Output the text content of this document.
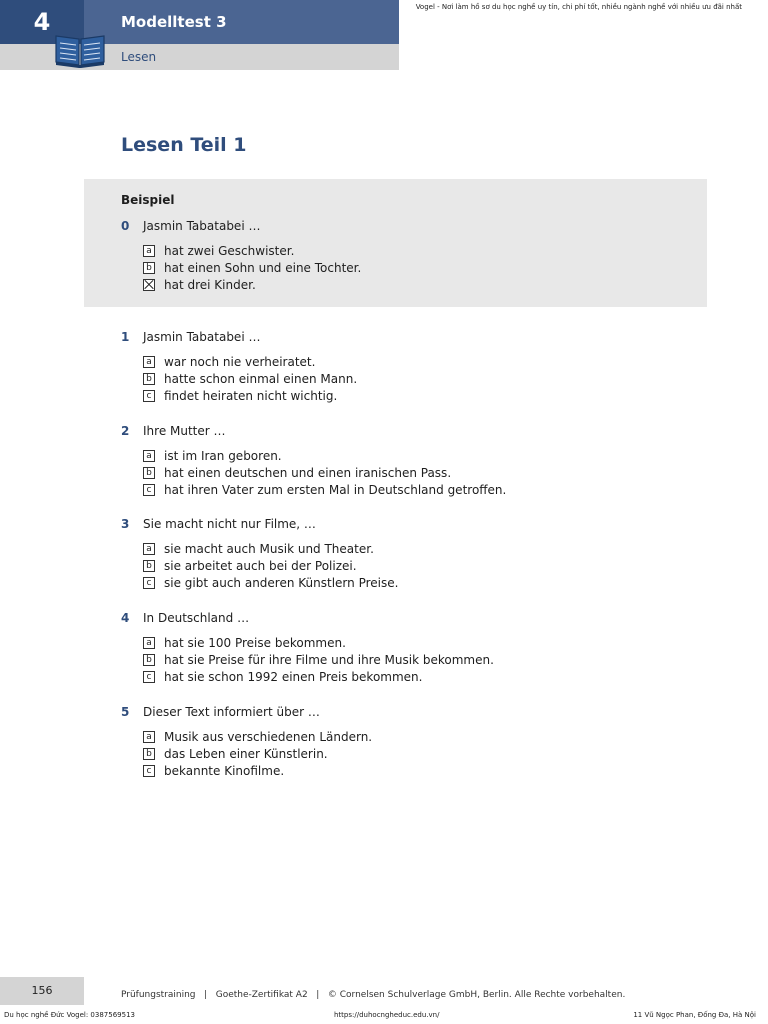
4	Modelltest 3
Lesen
Vogel - Nơi làm hồ sơ du học nghề uy tín, chi phí tốt, nhiều ngành nghề với nhiều ưu đãi nhất
Lesen Teil 1
Beispiel
0 Jasmin Tabatabei …
a hat zwei Geschwister.
b hat einen Sohn und eine Tochter.
hat drei Kinder.
1 Jasmin Tabatabei …
a war noch nie verheiratet.
b hatte schon einmal einen Mann.
c findet heiraten nicht wichtig.
2 Ihre Mutter …
a ist im Iran geboren.
b hat einen deutschen und einen iranischen Pass.
c hat ihren Vater zum ersten Mal in Deutschland getroffen.
3 Sie macht nicht nur Filme, …
a sie macht auch Musik und Theater.
b sie arbeitet auch bei der Polizei.
c sie gibt auch anderen Künstlern Preise.
4 In Deutschland …
a hat sie 100 Preise bekommen.
b hat sie Preise für ihre Filme und ihre Musik bekommen.
c hat sie schon 1992 einen Preis bekommen.
5 Dieser Text informiert über …
a Musik aus verschiedenen Ländern.
b das Leben einer Künstlerin.
c bekannte Kinofilme.
156	Prüfungstraining   |   Goethe-Zertifikat A2   |   © Cornelsen Schulverlage GmbH, Berlin. Alle Rechte vorbehalten.
Du học nghề Đức Vogel: 0387569513	https://duhocngheduc.edu.vn/	11 Vũ Ngọc Phan, Đống Đa, Hà Nội
